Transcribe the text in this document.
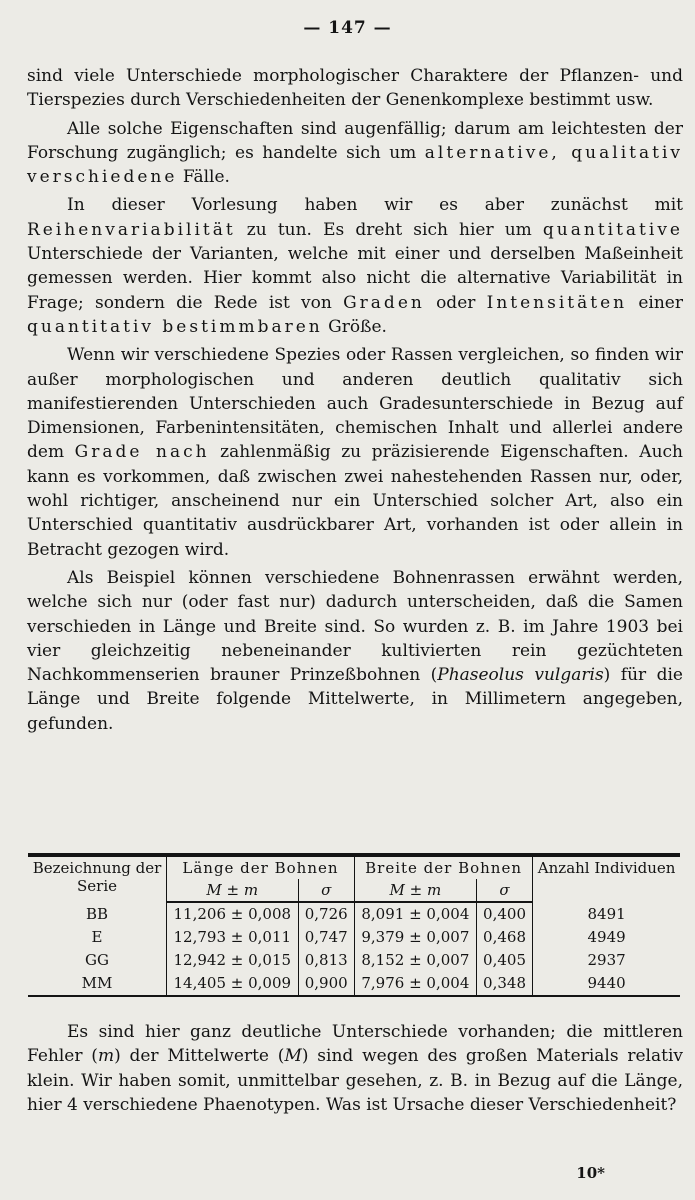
— 147 —

sind viele Unterschiede morphologischer Charaktere der Pflanzen- und Tierspezies durch Verschiedenheiten der Genenkomplexe bestimmt usw.

Alle solche Eigenschaften sind augenfällig; darum am leichtesten der Forschung zugänglich; es handelte sich um alternative, qualitativ verschiedene Fälle.

In dieser Vorlesung haben wir es aber zunächst mit Reihenvariabilität zu tun. Es dreht sich hier um quantitative Unterschiede der Varianten, welche mit einer und derselben Maßeinheit gemessen werden. Hier kommt also nicht die alternative Variabilität in Frage; sondern die Rede ist von Graden oder Intensitäten einer quantitativ bestimmbaren Größe.

Wenn wir verschiedene Spezies oder Rassen vergleichen, so finden wir außer morphologischen und anderen deutlich qualitativ sich manifestierenden Unterschieden auch Gradesunterschiede in Bezug auf Dimensionen, Farbenintensitäten, chemischen Inhalt und allerlei andere dem Grade nach zahlenmäßig zu präzisierende Eigenschaften. Auch kann es vorkommen, daß zwischen zwei nahestehenden Rassen nur, oder, wohl richtiger, anscheinend nur ein Unterschied solcher Art, also ein Unterschied quantitativ ausdrückbarer Art, vorhanden ist oder allein in Betracht gezogen wird.

Als Beispiel können verschiedene Bohnenrassen erwähnt werden, welche sich nur (oder fast nur) dadurch unterscheiden, daß die Samen verschieden in Länge und Breite sind. So wurden z. B. im Jahre 1903 bei vier gleichzeitig nebeneinander kultivierten rein gezüchteten Nachkommenserien brauner Prinzeßbohnen (Phaseolus vulgaris) für die Länge und Breite folgende Mittelwerte, in Millimetern angegeben, gefunden.

Bezeichnung der Serie	Länge der Bohnen		Breite der Bohnen		Anzahl Individuen
	M ± m	σ	M ± m	σ	
BB	11,206 ± 0,008	0,726	8,091 ± 0,004	0,400	8491
E	12,793 ± 0,011	0,747	9,379 ± 0,007	0,468	4949
GG	12,942 ± 0,015	0,813	8,152 ± 0,007	0,405	2937
MM	14,405 ± 0,009	0,900	7,976 ± 0,004	0,348	9440

Es sind hier ganz deutliche Unterschiede vorhanden; die mittleren Fehler (m) der Mittelwerte (M) sind wegen des großen Materials relativ klein. Wir haben somit, unmittelbar gesehen, z. B. in Bezug auf die Länge, hier 4 verschiedene Phaenotypen. Was ist Ursache dieser Verschiedenheit?

10*
